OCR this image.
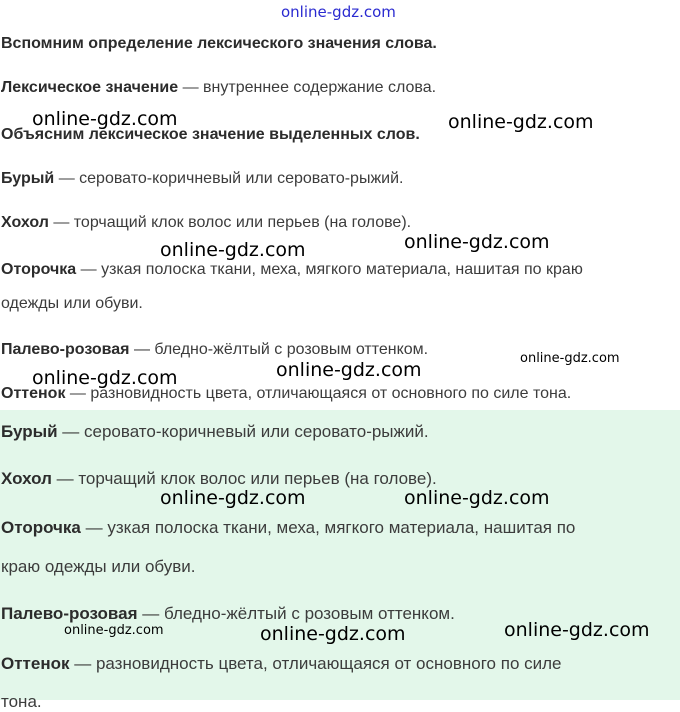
online-gdz.com
Вспомним определение лексического значения слова.
Лексическое значение — внутреннее содержание слова.
Объясним лексическое значение выделенных слов.
Бурый — серовато-коричневый или серовато-рыжий.
Хохол — торчащий клок волос или перьев (на голове).
Оторочка — узкая полоска ткани, меха, мягкого материала, нашитая по краю
одежды или обуви.
Палево-розовая — бледно-жёлтый с розовым оттенком.
Оттенок — разновидность цвета, отличающаяся от основного по силе тона.
Бурый — серовато-коричневый или серовато-рыжий.
Хохол — торчащий клок волос или перьев (на голове).
Оторочка — узкая полоска ткани, меха, мягкого материала, нашитая по
краю одежды или обуви.
Палево-розовая — бледно-жёлтый с розовым оттенком.
Оттенок — разновидность цвета, отличающаяся от основного по силе
тона.
online-gdz.com	online-gdz.com
online-gdz.com	online-gdz.com
online-gdz.com
online-gdz.com	online-gdz.com
online-gdz.com	online-gdz.com
online-gdz.com	online-gdz.com	online-gdz.com
